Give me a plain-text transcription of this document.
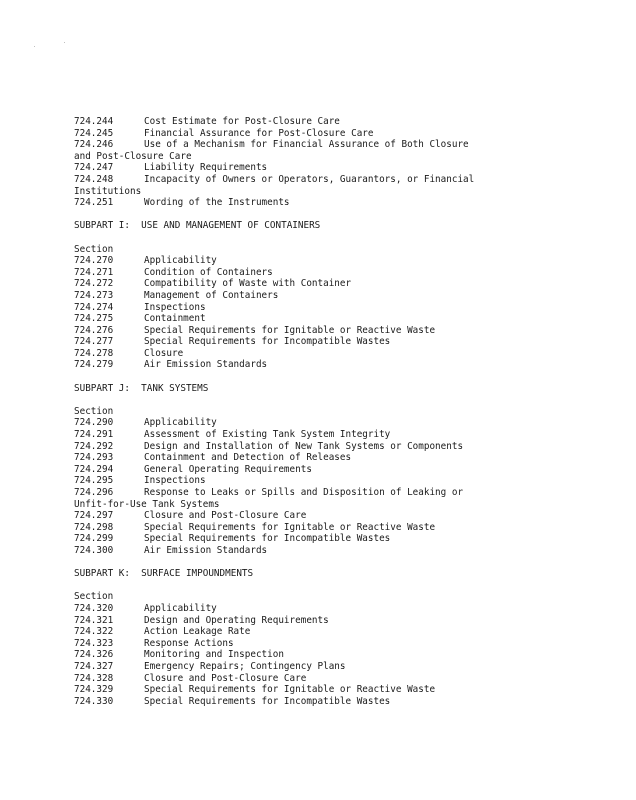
724.244	Cost Estimate for Post-Closure Care
724.245	Financial Assurance for Post-Closure Care
724.246	Use of a Mechanism for Financial Assurance of Both Closure
and Post-Closure Care
724.247	Liability Requirements
724.248	Incapacity of Owners or Operators, Guarantors, or Financial
Institutions
724.251	Wording of the Instruments
SUBPART I:  USE AND MANAGEMENT OF CONTAINERS
Section
724.270	Applicability
724.271	Condition of Containers
724.272	Compatibility of Waste with Container
724.273	Management of Containers
724.274	Inspections
724.275	Containment
724.276	Special Requirements for Ignitable or Reactive Waste
724.277	Special Requirements for Incompatible Wastes
724.278	Closure
724.279	Air Emission Standards
SUBPART J:  TANK SYSTEMS
Section
724.290	Applicability
724.291	Assessment of Existing Tank System Integrity
724.292	Design and Installation of New Tank Systems or Components
724.293	Containment and Detection of Releases
724.294	General Operating Requirements
724.295	Inspections
724.296	Response to Leaks or Spills and Disposition of Leaking or
Unfit-for-Use Tank Systems
724.297	Closure and Post-Closure Care
724.298	Special Requirements for Ignitable or Reactive Waste
724.299	Special Requirements for Incompatible Wastes
724.300	Air Emission Standards
SUBPART K:  SURFACE IMPOUNDMENTS
Section
724.320	Applicability
724.321	Design and Operating Requirements
724.322	Action Leakage Rate
724.323	Response Actions
724.326	Monitoring and Inspection
724.327	Emergency Repairs; Contingency Plans
724.328	Closure and Post-Closure Care
724.329	Special Requirements for Ignitable or Reactive Waste
724.330	Special Requirements for Incompatible Wastes
